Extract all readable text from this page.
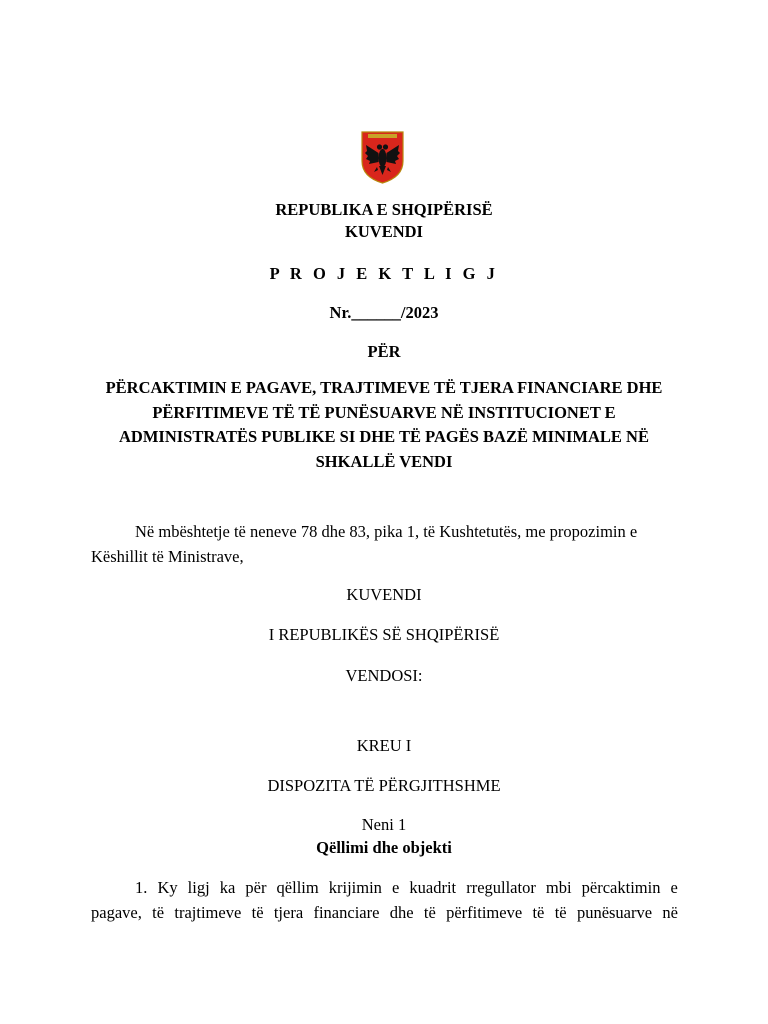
REPUBLIKA E SHQIPËRISË
KUVENDI
P R O J E K T L I G J
Nr.______/2023
PËR
PËRCAKTIMIN E PAGAVE, TRAJTIMEVE TË TJERA FINANCIARE DHE
PËRFITIMEVE TË TË PUNËSUARVE NË INSTITUCIONET E
ADMINISTRATËS PUBLIKE SI DHE TË PAGËS BAZË MINIMALE NË
SHKALLË VENDI
Në mbështetje të neneve 78 dhe 83, pika 1, të Kushtetutës, me propozimin e
Këshillit të Ministrave,
KUVENDI
I REPUBLIKËS SË SHQIPËRISË
VENDOSI:
KREU I
DISPOZITA TË PËRGJITHSHME
Neni 1
Qëllimi dhe objekti
1. Ky ligj ka për qëllim krijimin e kuadrit rregullator mbi përcaktimin e
pagave, të trajtimeve të tjera financiare dhe të përfitimeve të të punësuarve në
